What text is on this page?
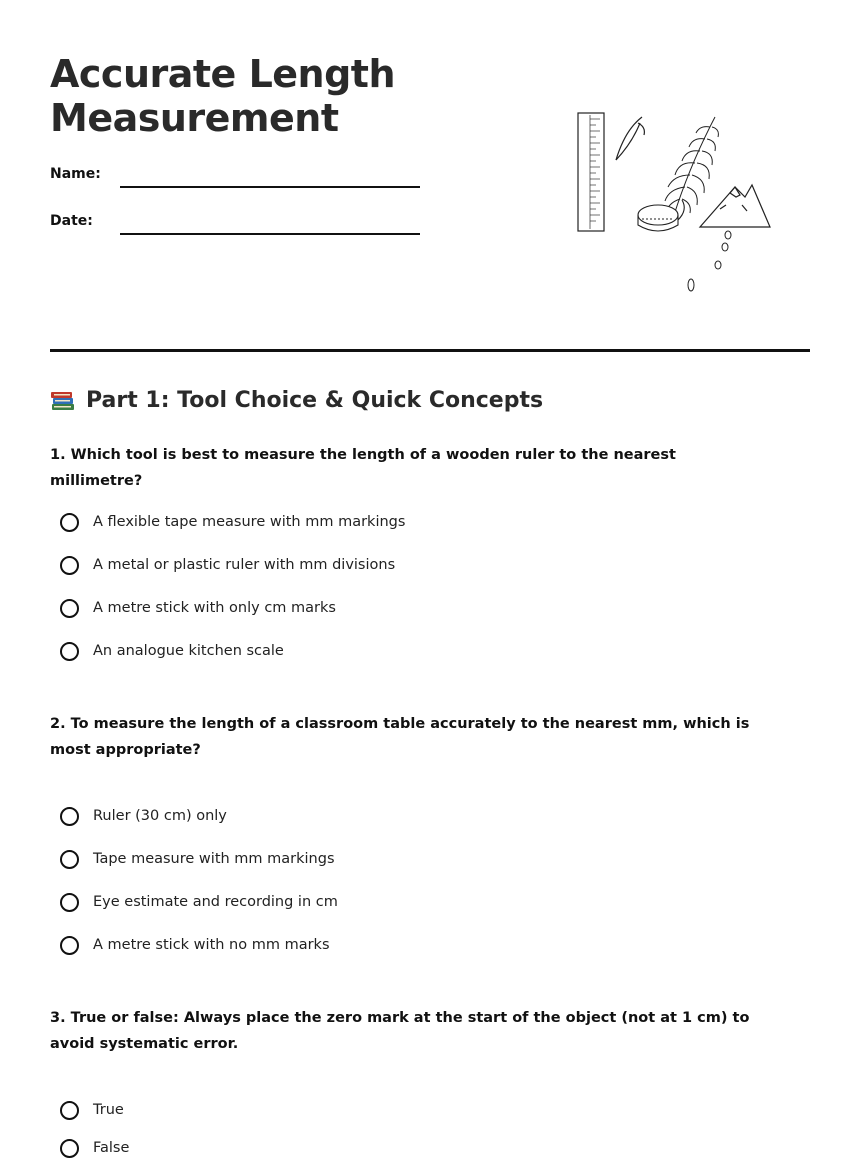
Accurate Length
Measurement
Name:
Date:
Part 1: Tool Choice & Quick Concepts
1. Which tool is best to measure the length of a wooden ruler to the nearest millimetre?
A flexible tape measure with mm markings
A metal or plastic ruler with mm divisions
A metre stick with only cm marks
An analogue kitchen scale
2. To measure the length of a classroom table accurately to the nearest mm, which is most appropriate?
Ruler (30 cm) only
Tape measure with mm markings
Eye estimate and recording in cm
A metre stick with no mm marks
3. True or false: Always place the zero mark at the start of the object (not at 1 cm) to avoid systematic error.
True
False
